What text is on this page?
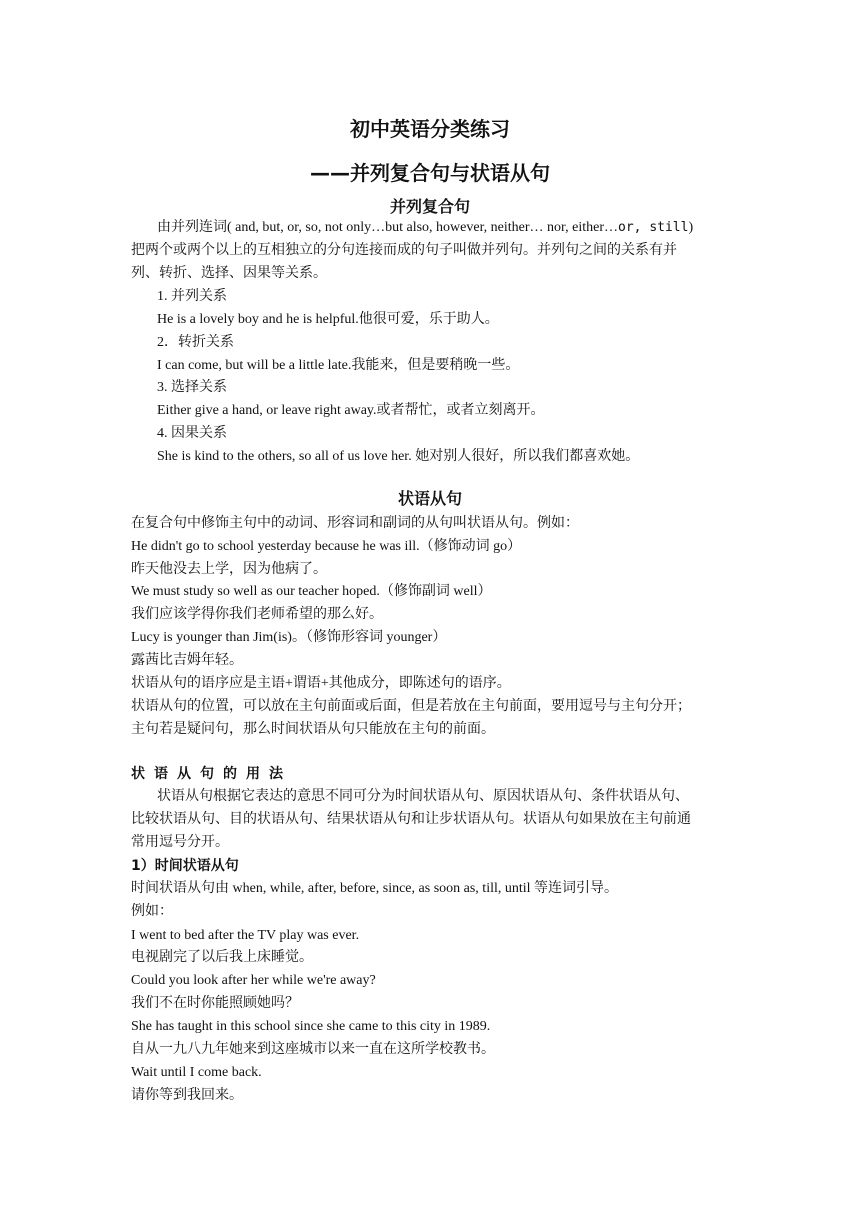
初中英语分类练习
——并列复合句与状语从句
并列复合句
由并列连词( and, but, or, so, not only…but also, however, neither… nor, either…or, still)
把两个或两个以上的互相独立的分句连接而成的句子叫做并列句。并列句之间的关系有并
列、转折、选择、因果等关系。
1. 并列关系
He is a lovely boy and he is helpful.他很可爱，乐于助人。
2．转折关系
I can come, but will be a little late.我能来，但是要稍晚一些。
3. 选择关系
Either give a hand, or leave right away.或者帮忙，或者立刻离开。
4. 因果关系
She is kind to the others, so all of us love her. 她对别人很好，所以我们都喜欢她。
状语从句
在复合句中修饰主句中的动词、形容词和副词的从句叫状语从句。例如：
He didn't go to school yesterday because he was ill.（修饰动词 go）
昨天他没去上学，因为他病了。
We must study so well as our teacher hoped.（修饰副词 well）
我们应该学得你我们老师希望的那么好。
Lucy is younger than Jim(is)。（修饰形容词 younger）
露茜比吉姆年轻。
状语从句的语序应是主语+谓语+其他成分，即陈述句的语序。
状语从句的位置，可以放在主句前面或后面，但是若放在主句前面，要用逗号与主句分开；
主句若是疑问句，那么时间状语从句只能放在主句的前面。
状语从句的用法
状语从句根据它表达的意思不同可分为时间状语从句、原因状语从句、条件状语从句、
比较状语从句、目的状语从句、结果状语从句和让步状语从句。状语从句如果放在主句前通
常用逗号分开。
1）时间状语从句
时间状语从句由 when, while, after, before, since, as soon as, till, until 等连词引导。
例如：
I went to bed after the TV play was ever.
电视剧完了以后我上床睡觉。
Could you look after her while we're away?
我们不在时你能照顾她吗？
She has taught in this school since she came to this city in 1989.
自从一九八九年她来到这座城市以来一直在这所学校教书。
Wait until I come back.
请你等到我回来。
